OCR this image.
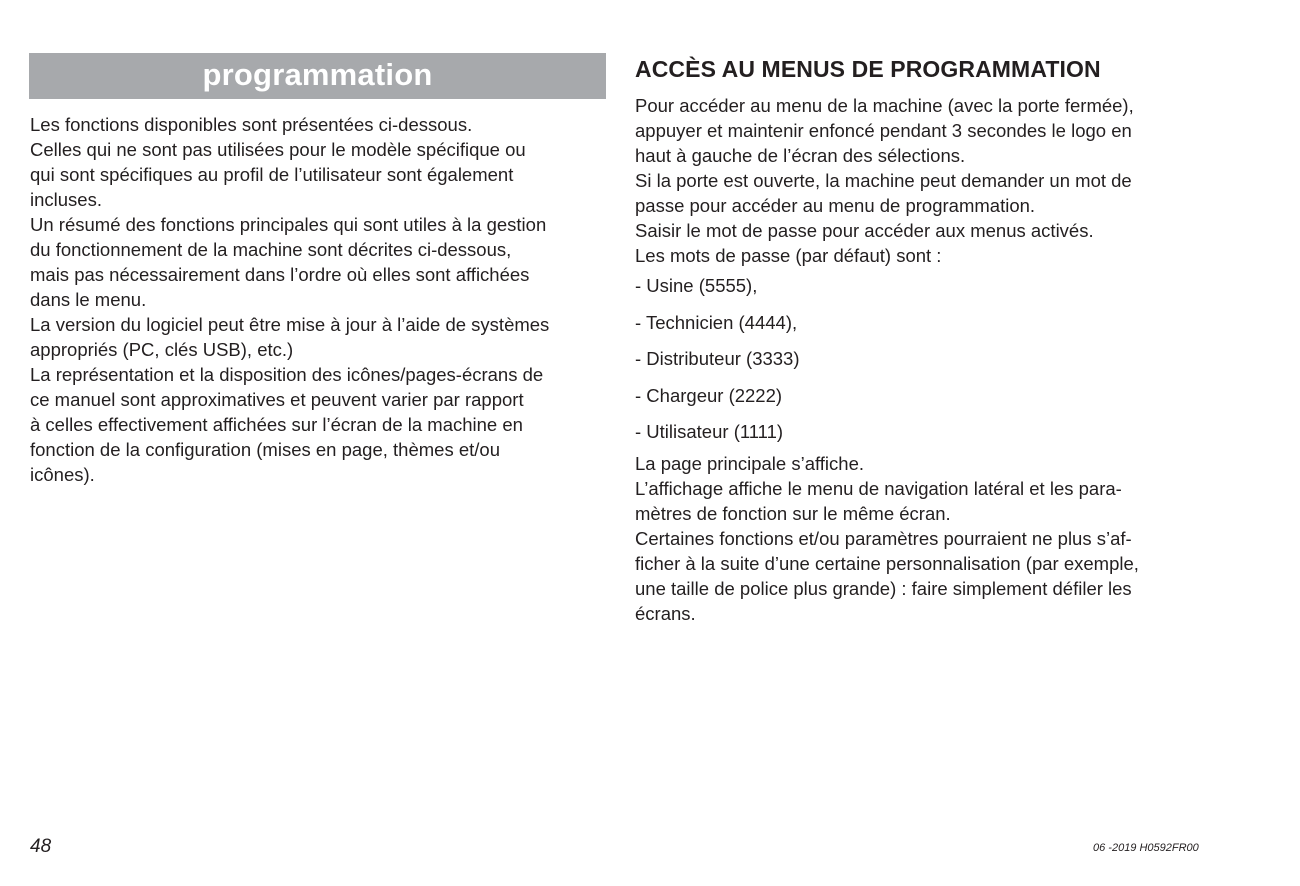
programmation

Les fonctions disponibles sont présentées ci-dessous.
Celles qui ne sont pas utilisées pour le modèle spécifique ou
qui sont spécifiques au profil de l’utilisateur sont également
incluses.
Un résumé des fonctions principales qui sont utiles à la gestion
du fonctionnement de la machine sont décrites ci-dessous,
mais pas nécessairement dans l’ordre où elles sont affichées
dans le menu.
La version du logiciel peut être mise à jour à l’aide de systèmes
appropriés (PC, clés USB), etc.)
La représentation et la disposition des icônes/pages-écrans de
ce manuel sont approximatives et peuvent varier par rapport
à celles effectivement affichées sur l’écran de la machine en
fonction de la configuration (mises en page, thèmes et/ou
icônes).

ACCÈS AU MENUS DE PROGRAMMATION

Pour accéder au menu de la machine (avec la porte fermée),
appuyer et maintenir enfoncé pendant 3 secondes le logo en
haut à gauche de l’écran des sélections.
Si la porte est ouverte, la machine peut demander un mot de
passe pour accéder au menu de programmation.
Saisir le mot de passe pour accéder aux menus activés.
Les mots de passe (par défaut) sont :

- Usine (5555),
- Technicien (4444),
- Distributeur (3333)
- Chargeur (2222)
- Utilisateur (1111)

La page principale s’affiche.
L’affichage affiche le menu de navigation latéral et les para-
mètres de fonction sur le même écran.
Certaines fonctions et/ou paramètres pourraient ne plus s’af-
ficher à la suite d’une certaine personnalisation (par exemple,
une taille de police plus grande) : faire simplement défiler les
écrans.

48	06 -2019 H0592FR00
